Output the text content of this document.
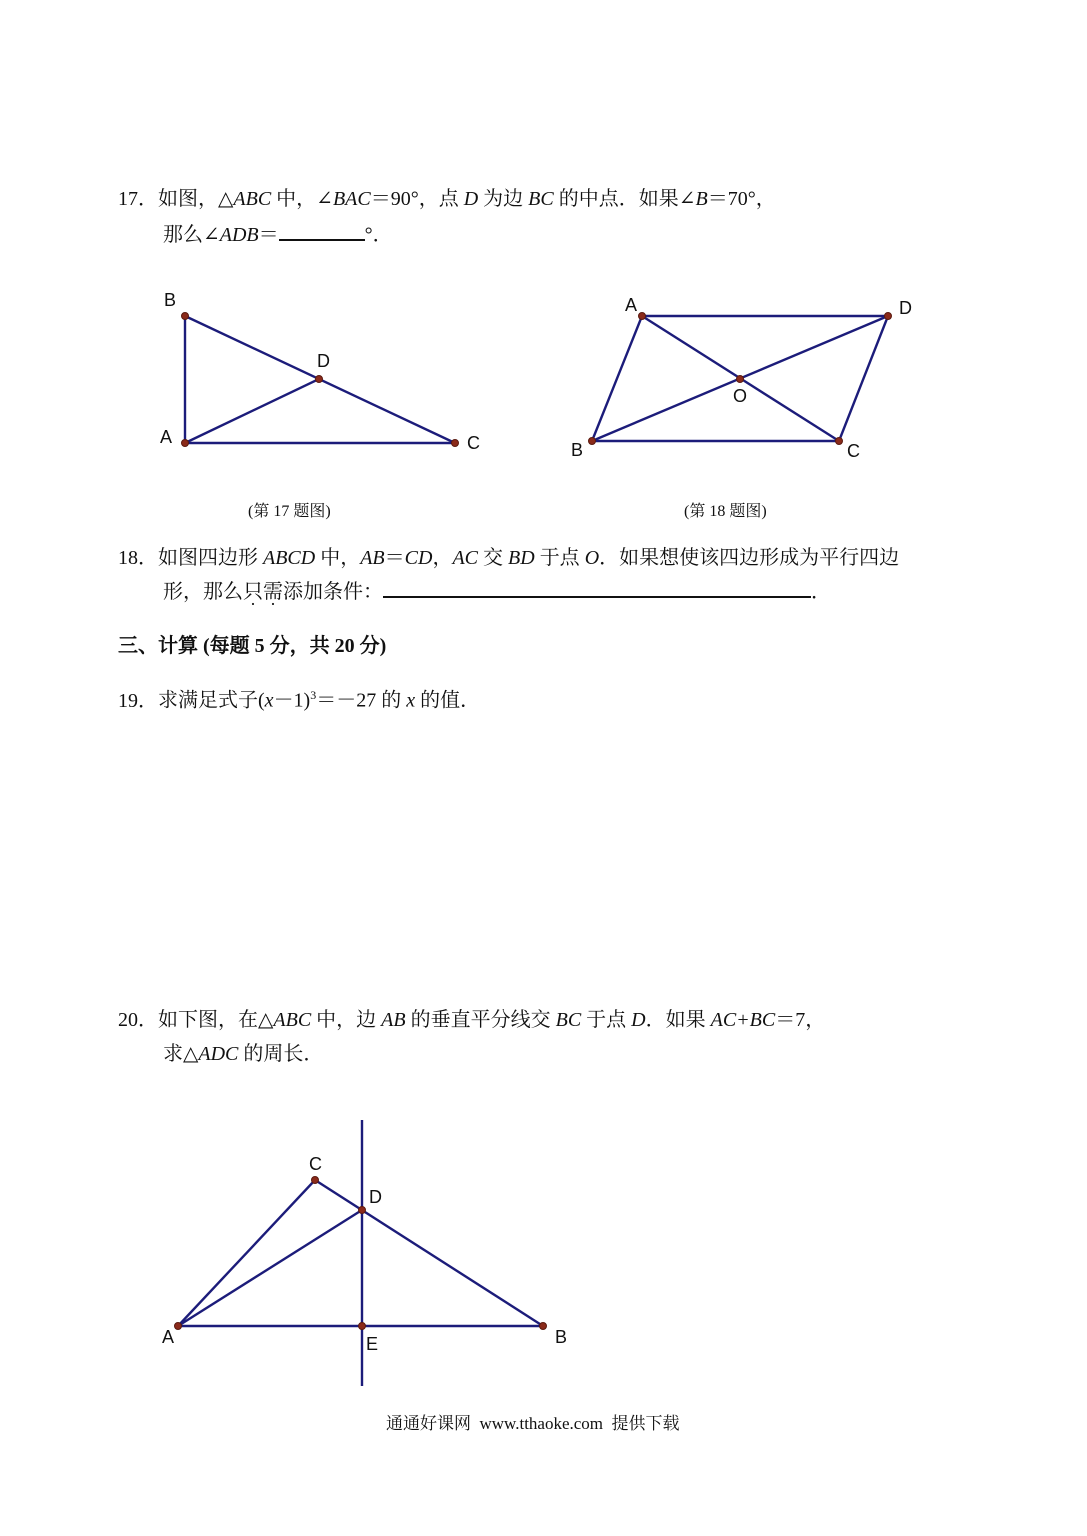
17．如图，△ABC 中，∠BAC＝90°，点 D 为边 BC 的中点．如果∠B＝70°，
那么∠ADB＝	°．
B
A	C
D
A	D
B	C
O
A	B
C
D
E
(第 17 题图)	(第 18 题图)
18．如图四边形 ABCD 中，AB＝CD，AC 交 BD 于点 O．如果想使该四边形成为平行四边
形，那么只需添加条件：	．
三、计算 (每题 5 分，共 20 分)
19．求满足式子$(x-1)^3=-27$ 的 x 的值．
20．如下图，在△ABC 中，边 AB 的垂直平分线交 BC 于点 D．如果 AC+BC＝7，
求△ADC 的周长．
通通好课网 www.tthaoke.com 提供下载
